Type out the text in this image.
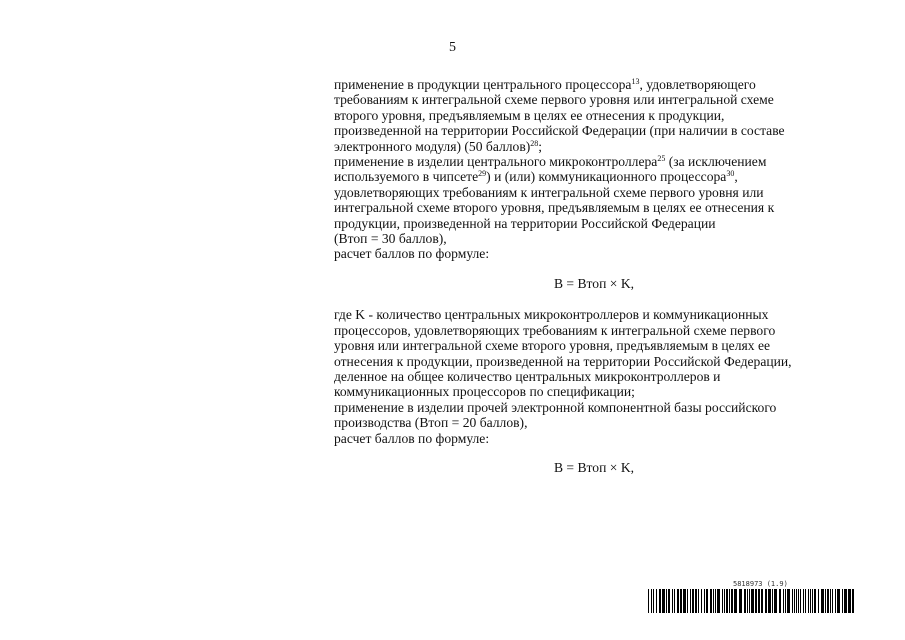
5
применение в продукции центрального процессора$^{13}$, удовлетворяющего
требованиям к интегральной схеме первого уровня или интегральной схеме
второго уровня, предъявляемым в целях ее отнесения к продукции,
произведенной на территории Российской Федерации (при наличии в составе
электронного модуля) (50 баллов)$^{28}$;
применение в изделии центрального микроконтроллера$^{25}$ (за исключением
используемого в чипсете$^{29}$) и (или) коммуникационного процессора$^{30}$,
удовлетворяющих требованиям к интегральной схеме первого уровня или
интегральной схеме второго уровня, предъявляемым в целях ее отнесения к
продукции, произведенной на территории Российской Федерации
(Втоп = 30 баллов),
расчет баллов по формуле:
В = Втоп × K,
где K - количество центральных микроконтроллеров и коммуникационных
процессоров, удовлетворяющих требованиям к интегральной схеме первого
уровня или интегральной схеме второго уровня, предъявляемым в целях ее
отнесения к продукции, произведенной на территории Российской Федерации,
деленное на общее количество центральных микроконтроллеров и
коммуникационных процессоров по спецификации;
применение в изделии прочей электронной компонентной базы российского
производства (Втоп = 20 баллов),
расчет баллов по формуле:
В = Втоп × K,
5818973 (1.9)
